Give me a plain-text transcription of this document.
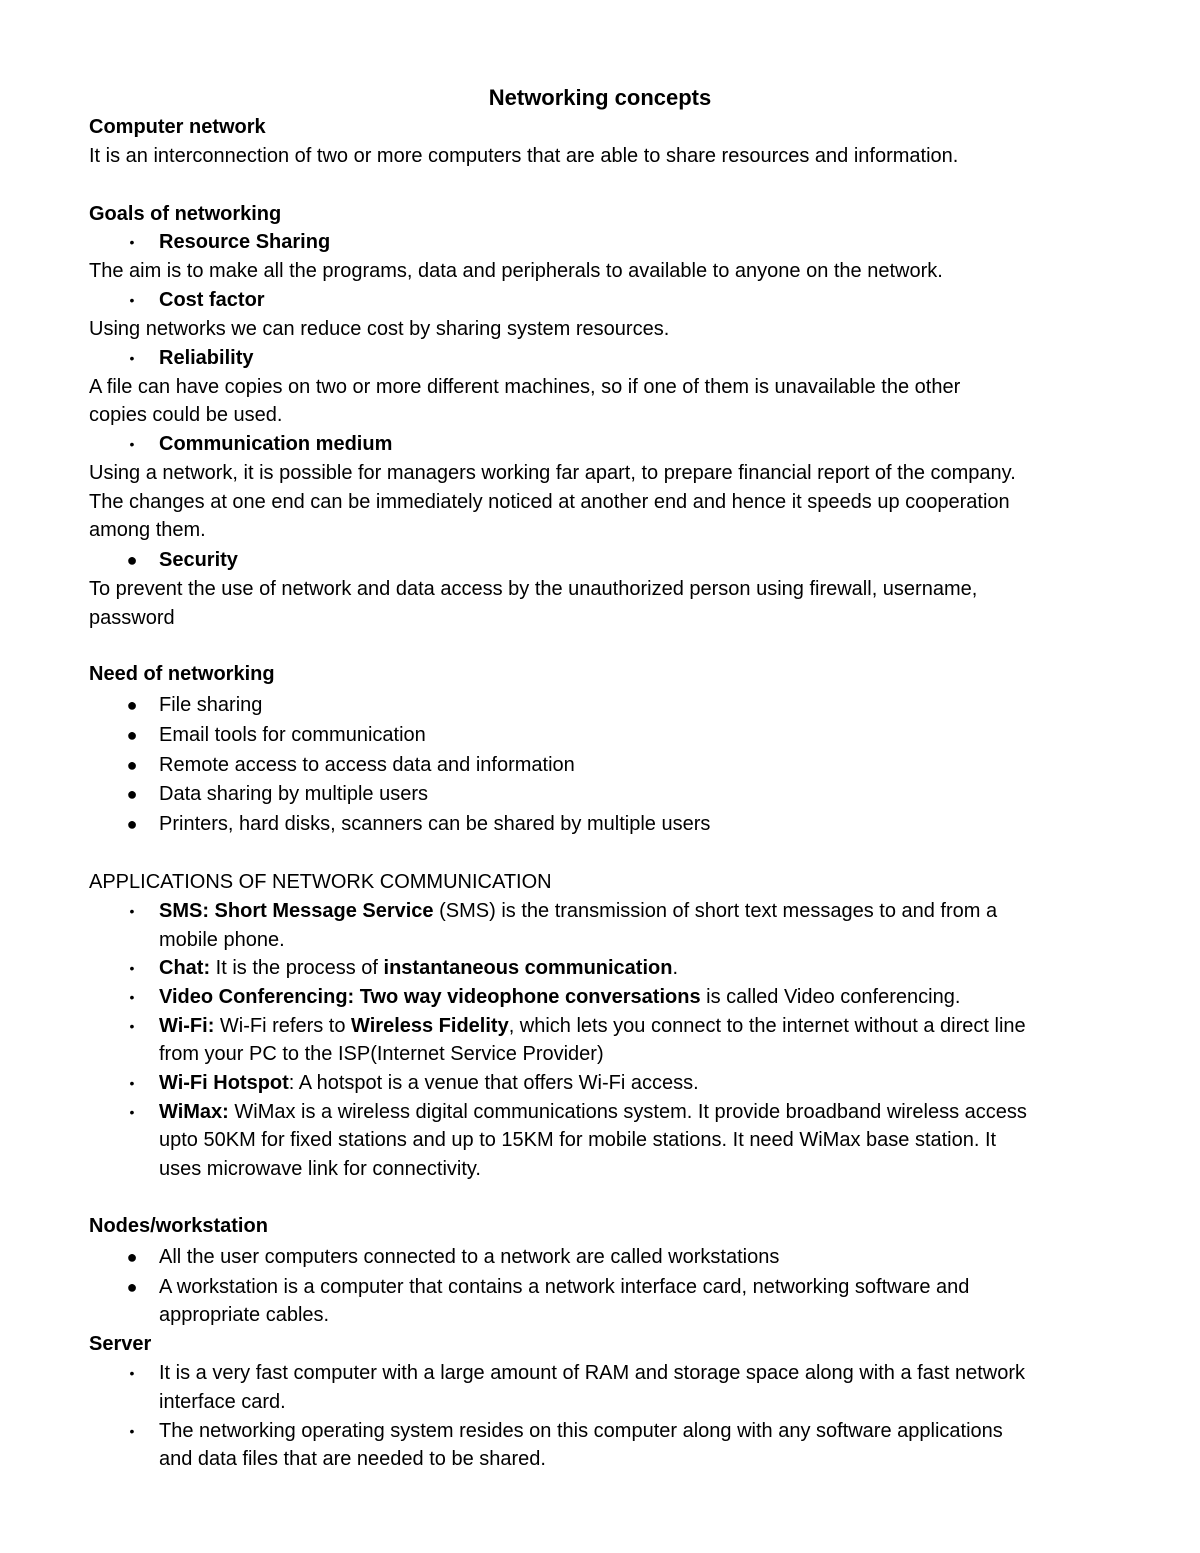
Networking concepts
Computer network
It is an interconnection of two or more computers that are able to share resources and information.
Goals of networking
• Resource Sharing
The aim is to make all the programs, data and peripherals to available to anyone on the network.
• Cost factor
Using networks we can reduce cost by sharing system resources.
• Reliability
A file can have copies on two or more different machines, so if one of them is unavailable the other
copies could be used.
• Communication medium
Using a network, it is possible for managers working far apart, to prepare financial report of the company.
The changes at one end can be immediately noticed at another end and hence it speeds up cooperation
among them.
● Security
To prevent the use of network and data access by the unauthorized person using firewall, username,
password
Need of networking
● File sharing
● Email tools for communication
● Remote access to access data and information
● Data sharing by multiple users
● Printers, hard disks, scanners can be shared by multiple users
APPLICATIONS OF NETWORK COMMUNICATION
• SMS: Short Message Service (SMS) is the transmission of short text messages to and from a
mobile phone.
• Chat: It is the process of instantaneous communication.
• Video Conferencing: Two way videophone conversations is called Video conferencing.
• Wi-Fi: Wi-Fi refers to Wireless Fidelity, which lets you connect to the internet without a direct line
from your PC to the ISP(Internet Service Provider)
• Wi-Fi Hotspot: A hotspot is a venue that offers Wi-Fi access.
• WiMax: WiMax is a wireless digital communications system. It provide broadband wireless access
upto 50KM for fixed stations and up to 15KM for mobile stations. It need WiMax base station. It
uses microwave link for connectivity.
Nodes/workstation
● All the user computers connected to a network are called workstations
● A workstation is a computer that contains a network interface card, networking software and
appropriate cables.
Server
• It is a very fast computer with a large amount of RAM and storage space along with a fast network
interface card.
• The networking operating system resides on this computer along with any software applications
and data files that are needed to be shared.
